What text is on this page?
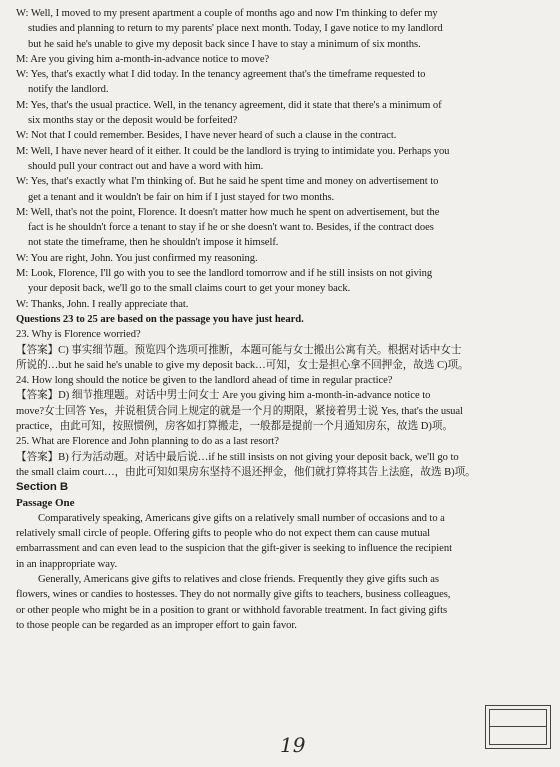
W: Well, I moved to my present apartment a couple of months ago and now I'm thinking to defer my
studies and planning to return to my parents' place next month. Today, I gave notice to my landlord
but he said he's unable to give my deposit back since I have to stay a minimum of six months.
M: Are you giving him a-month-in-advance notice to move?
W: Yes, that's exactly what I did today. In the tenancy agreement that's the timeframe requested to
notify the landlord.
M: Yes, that's the usual practice. Well, in the tenancy agreement, did it state that there's a minimum of
six months stay or the deposit would be forfeited?
W: Not that I could remember. Besides, I have never heard of such a clause in the contract.
M: Well, I have never heard of it either. It could be the landlord is trying to intimidate you. Perhaps you
should pull your contract out and have a word with him.
W: Yes, that's exactly what I'm thinking of. But he said he spent time and money on advertisement to
get a tenant and it wouldn't be fair on him if I just stayed for two months.
M: Well, that's not the point, Florence. It doesn't matter how much he spent on advertisement, but the
fact is he shouldn't force a tenant to stay if he or she doesn't want to. Besides, if the contract does
not state the timeframe, then he shouldn't impose it himself.
W: You are right, John. You just confirmed my reasoning.
M: Look, Florence, I'll go with you to see the landlord tomorrow and if he still insists on not giving
your deposit back, we'll go to the small claims court to get your money back.
W: Thanks, John. I really appreciate that.
Questions 23 to 25 are based on the passage you have just heard.
23. Why is Florence worried?
【答案】C) 事实细节题。预览四个选项可推断，本题可能与女士搬出公寓有关。根据对话中女士
所说的…but he said he's unable to give my deposit back…可知，女士是担心拿不回押金，故选 C)项。
24. How long should the notice be given to the landlord ahead of time in regular practice?
【答案】D) 细节推理题。对话中男士问女士 Are you giving him a-month-in-advance notice to
move?女士回答 Yes，并说租赁合同上规定的就是一个月的期限，紧接着男士说 Yes, that's the usual
practice，由此可知，按照惯例，房客如打算搬走，一般都是提前一个月通知房东，故选 D)项。
25. What are Florence and John planning to do as a last resort?
【答案】B) 行为活动题。对话中最后说…if he still insists on not giving your deposit back, we'll go to
the small claim court…，由此可知如果房东坚持不退还押金，他们就打算将其告上法庭，故选 B)项。
Section B
Passage One
Comparatively speaking, Americans give gifts on a relatively small number of occasions and to a
relatively small circle of people. Offering gifts to people who do not expect them can cause mutual
embarrassment and can even lead to the suspicion that the gift-giver is seeking to influence the recipient
in an inappropriate way.
Generally, Americans give gifts to relatives and close friends. Frequently they give gifts such as
flowers, wines or candies to hostesses. They do not normally give gifts to teachers, business colleagues,
or other people who might be in a position to grant or withhold favorable treatment. In fact giving gifts
to those people can be regarded as an improper effort to gain favor.
19
